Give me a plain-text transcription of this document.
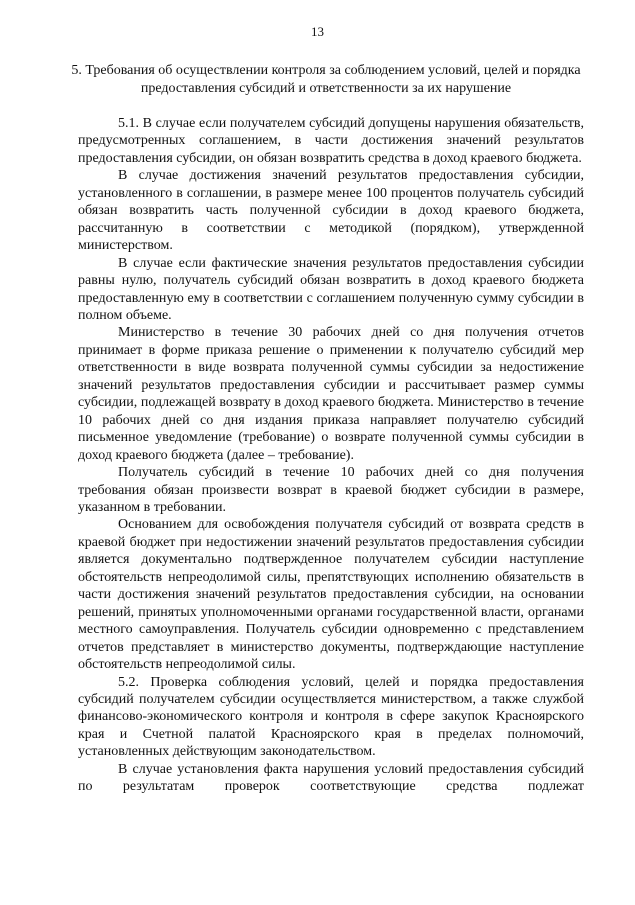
13
5. Требования об осуществлении контроля за соблюдением условий, целей и порядка предоставления субсидий и ответственности за их нарушение

5.1. В случае если получателем субсидий допущены нарушения обязательств, предусмотренных соглашением, в части достижения значений результатов предоставления субсидии, он обязан возвратить средства в доход краевого бюджета.

В случае достижения значений результатов предоставления субсидии, установленного в соглашении, в размере менее 100 процентов получатель субсидий обязан возвратить часть полученной субсидии в доход краевого бюджета, рассчитанную в соответствии с методикой (порядком), утвержденной министерством.

В случае если фактические значения результатов предоставления субсидии равны нулю, получатель субсидий обязан возвратить в доход краевого бюджета предоставленную ему в соответствии с соглашением полученную сумму субсидии в полном объеме.

Министерство в течение 30 рабочих дней со дня получения отчетов принимает в форме приказа решение о применении к получателю субсидий мер ответственности в виде возврата полученной суммы субсидии за недостижение значений результатов предоставления субсидии и рассчитывает размер суммы субсидии, подлежащей возврату в доход краевого бюджета. Министерство в течение 10 рабочих дней со дня издания приказа направляет получателю субсидий письменное уведомление (требование) о возврате полученной суммы субсидии в доход краевого бюджета (далее – требование).

Получатель субсидий в течение 10 рабочих дней со дня получения требования обязан произвести возврат в краевой бюджет субсидии в размере, указанном в требовании.

Основанием для освобождения получателя субсидий от возврата средств в краевой бюджет при недостижении значений результатов предоставления субсидии является документально подтвержденное получателем субсидии наступление обстоятельств непреодолимой силы, препятствующих исполнению обязательств в части достижения значений результатов предоставления субсидии, на основании решений, принятых уполномоченными органами государственной власти, органами местного самоуправления. Получатель субсидии одновременно с представлением отчетов представляет в министерство документы, подтверждающие наступление обстоятельств непреодолимой силы.

5.2. Проверка соблюдения условий, целей и порядка предоставления субсидий получателем субсидии осуществляется министерством, а также службой финансово-экономического контроля и контроля в сфере закупок Красноярского края и Счетной палатой Красноярского края в пределах полномочий, установленных действующим законодательством.

В случае установления факта нарушения условий предоставления субсидий по результатам проверок соответствующие средства подлежат
